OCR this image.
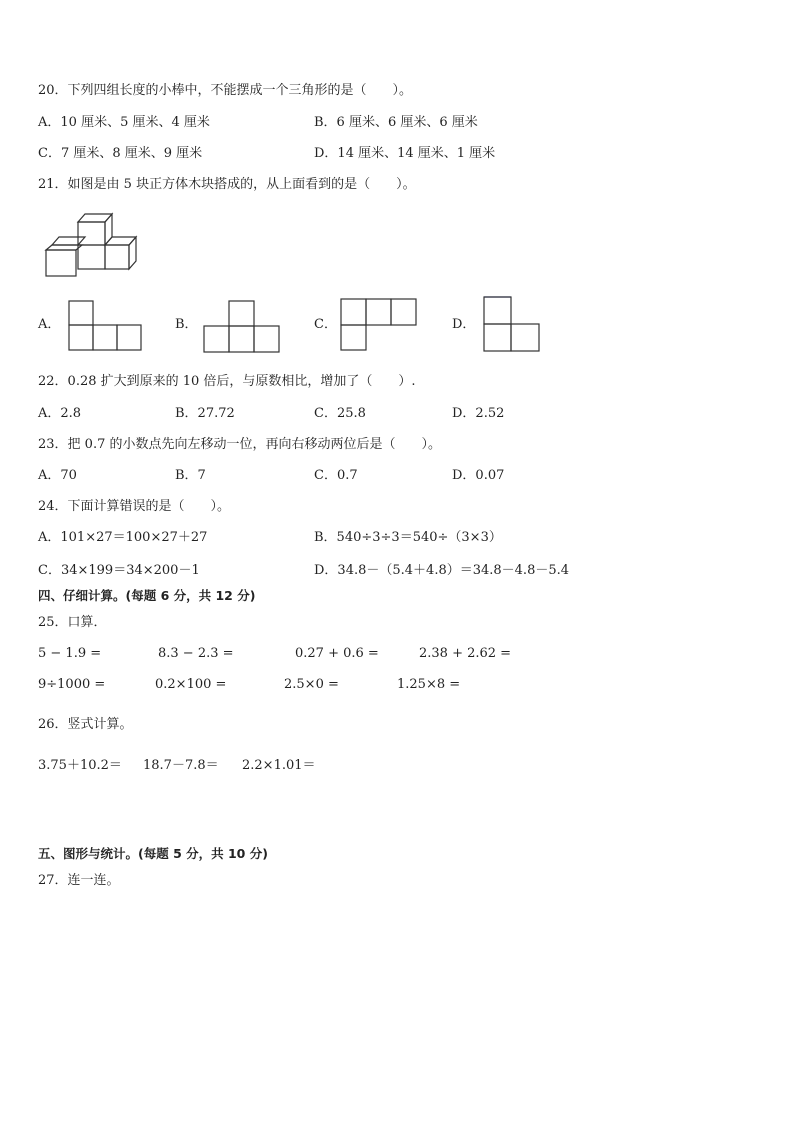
20．下列四组长度的小棒中，不能摆成一个三角形的是（　　）。
A．10 厘米、5 厘米、4 厘米	B．6 厘米、6 厘米、6 厘米
C．7 厘米、8 厘米、9 厘米	D．14 厘米、14 厘米、1 厘米
21．如图是由 5 块正方体木块搭成的，从上面看到的是（　　）。
A．	B．	C．	D．
22．0.28 扩大到原来的 10 倍后，与原数相比，增加了（　　）.
A．2.8	B．27.72	C．25.8	D．2.52
23．把 0.7 的小数点先向左移动一位，再向右移动两位后是（　　）。
A．70	B．7	C．0.7	D．0.07
24．下面计算错误的是（　　）。
A．101×27＝100×27＋27	B．540÷3÷3＝540÷（3×3）
C．34×199＝34×200－1	D．34.8－（5.4＋4.8）＝34.8－4.8－5.4
四、仔细计算。(每题 6 分，共 12 分)
25．口算．
5 − 1.9 =	8.3 − 2.3 =	0.27 + 0.6 =	2.38 + 2.62 =
9÷1000 =	0.2×100 =	2.5×0 =	1.25×8 =
26．竖式计算。
3.75＋10.2＝ 18.7－7.8＝ 2.2×1.01＝
五、图形与统计。(每题 5 分，共 10 分)
27．连一连。
